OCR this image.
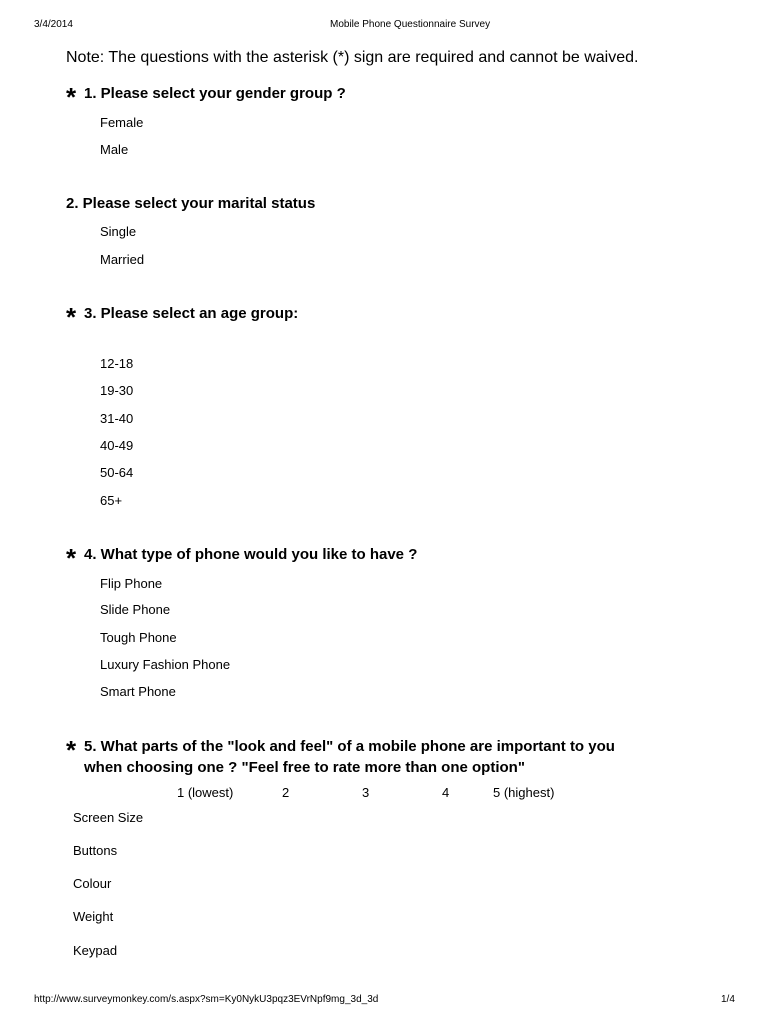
3/4/2014	Mobile Phone Questionnaire Survey
Note: The questions with the asterisk (*) sign are required and cannot be waived.
* 1. Please select your gender group ?
Female
Male
2. Please select your marital status
Single
Married
* 3. Please select an age group:
12-18
19-30
31-40
40-49
50-64
65+
* 4. What type of phone would you like to have ?
Flip Phone
Slide Phone
Tough Phone
Luxury Fashion Phone
Smart Phone
* 5. What parts of the "look and feel" of a mobile phone are important to you
when choosing one ? "Feel free to rate more than one option"
1 (lowest)	2	3	4	5 (highest)
Screen Size
Buttons
Colour
Weight
Keypad
http://www.surveymonkey.com/s.aspx?sm=Ky0NykU3pqz3EVrNpf9mg_3d_3d	1/4
